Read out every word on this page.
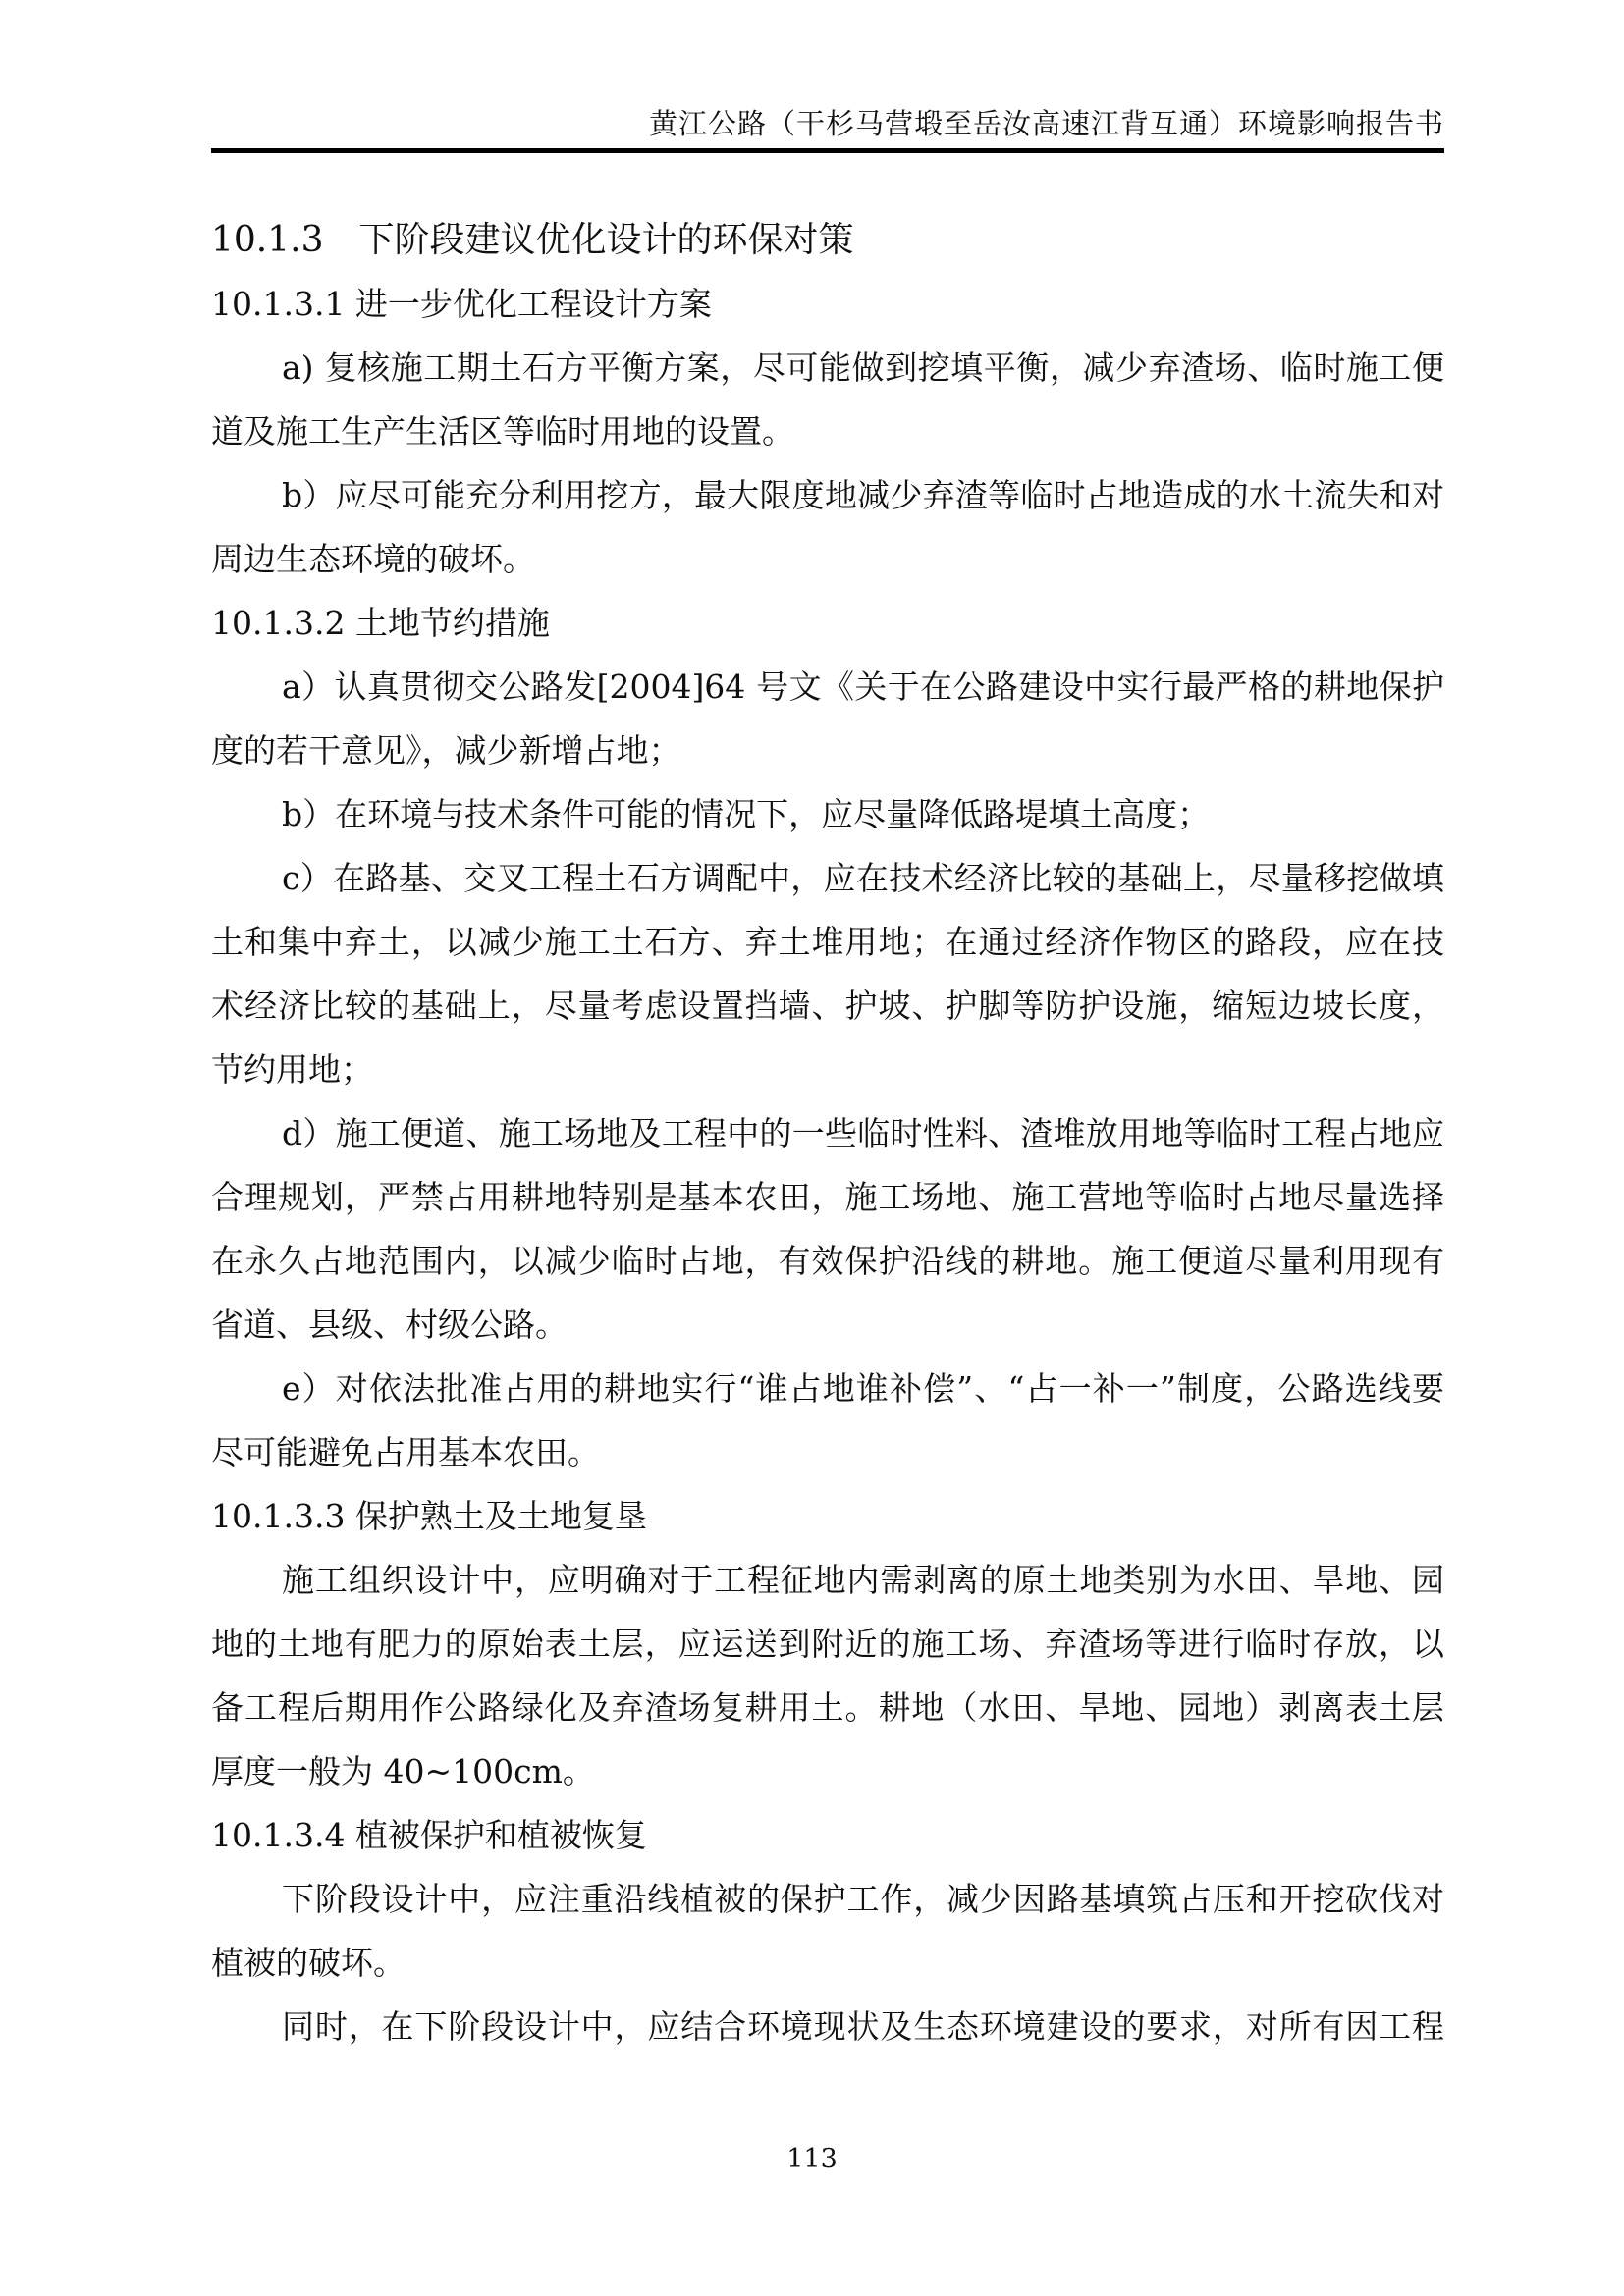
黄江公路（干杉马营塅至岳汝高速江背互通）环境影响报告书
10.1.3　下阶段建议优化设计的环保对策
10.1.3.1 进一步优化工程设计方案
a) 复核施工期土石方平衡方案，尽可能做到挖填平衡，减少弃渣场、临时施工便
道及施工生产生活区等临时用地的设置。
b）应尽可能充分利用挖方，最大限度地减少弃渣等临时占地造成的水土流失和对
周边生态环境的破坏。
10.1.3.2 土地节约措施
a）认真贯彻交公路发[2004]64 号文《关于在公路建设中实行最严格的耕地保护
度的若干意见》，减少新增占地；
b）在环境与技术条件可能的情况下，应尽量降低路堤填土高度；
c）在路基、交叉工程土石方调配中，应在技术经济比较的基础上，尽量移挖做填
土和集中弃土，以减少施工土石方、弃土堆用地；在通过经济作物区的路段，应在技
术经济比较的基础上，尽量考虑设置挡墙、护坡、护脚等防护设施，缩短边坡长度，
节约用地；
d）施工便道、施工场地及工程中的一些临时性料、渣堆放用地等临时工程占地应
合理规划，严禁占用耕地特别是基本农田，施工场地、施工营地等临时占地尽量选择
在永久占地范围内，以减少临时占地，有效保护沿线的耕地。施工便道尽量利用现有
省道、县级、村级公路。
e）对依法批准占用的耕地实行“谁占地谁补偿”、“占一补一”制度，公路选线要
尽可能避免占用基本农田。
10.1.3.3 保护熟土及土地复垦
施工组织设计中，应明确对于工程征地内需剥离的原土地类别为水田、旱地、园
地的土地有肥力的原始表土层，应运送到附近的施工场、弃渣场等进行临时存放，以
备工程后期用作公路绿化及弃渣场复耕用土。耕地（水田、旱地、园地）剥离表土层
厚度一般为 40~100cm。
10.1.3.4 植被保护和植被恢复
下阶段设计中，应注重沿线植被的保护工作，减少因路基填筑占压和开挖砍伐对
植被的破坏。
同时，在下阶段设计中，应结合环境现状及生态环境建设的要求，对所有因工程
113
